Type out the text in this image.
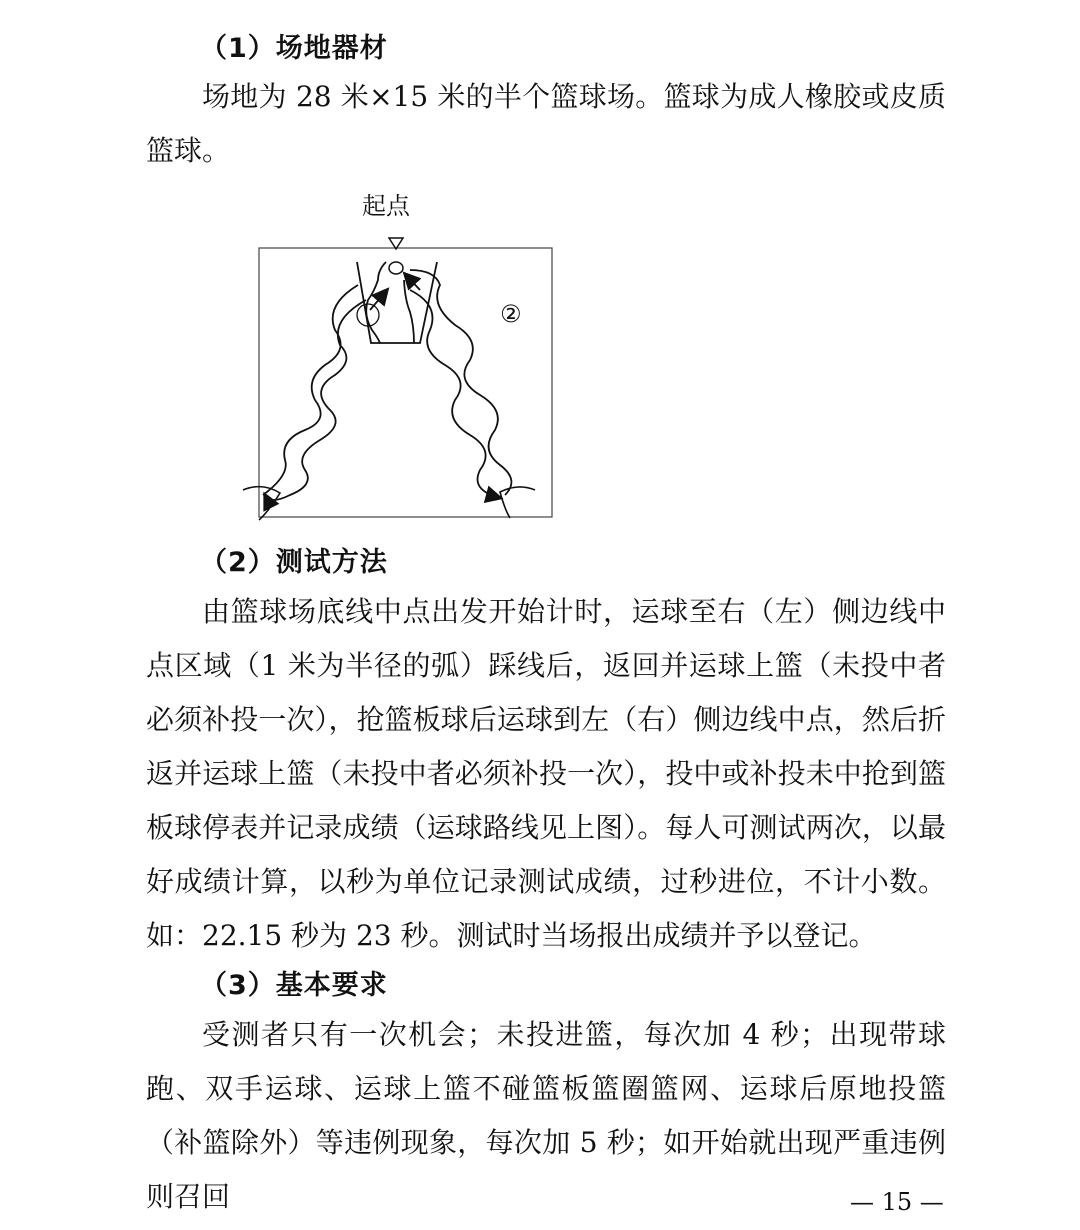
（1）场地器材

场地为 28 米×15 米的半个篮球场。篮球为成人橡胶或皮质篮球。

起点
②
（2）测试方法

由篮球场底线中点出发开始计时，运球至右（左）侧边线中点区域（1 米为半径的弧）踩线后，返回并运球上篮（未投中者必须补投一次），抢篮板球后运球到左（右）侧边线中点，然后折返并运球上篮（未投中者必须补投一次），投中或补投未中抢到篮板球停表并记录成绩（运球路线见上图）。每人可测试两次，以最好成绩计算，以秒为单位记录测试成绩，过秒进位，不计小数。如：22.15 秒为 23 秒。测试时当场报出成绩并予以登记。

（3）基本要求

受测者只有一次机会；未投进篮，每次加 4 秒；出现带球跑、双手运球、运球上篮不碰篮板篮圈篮网、运球后原地投篮（补篮除外）等违例现象，每次加 5 秒；如开始就出现严重违例则召回	— 15 —
